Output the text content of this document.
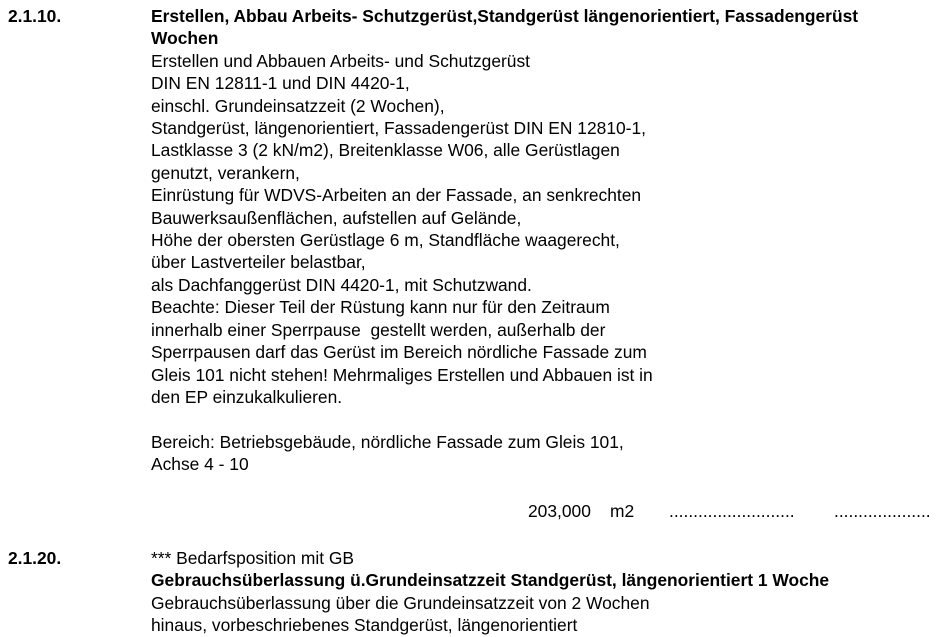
2.1.10.	Erstellen, Abbau Arbeits- Schutzgerüst,Standgerüst längenorientiert, Fassadengerüst
Wochen
Erstellen und Abbauen Arbeits- und Schutzgerüst
DIN EN 12811-1 und DIN 4420-1,
einschl. Grundeinsatzzeit (2 Wochen),
Standgerüst, längenorientiert, Fassadengerüst DIN EN 12810-1,
Lastklasse 3 (2 kN/m2), Breitenklasse W06, alle Gerüstlagen
genutzt, verankern,
Einrüstung für WDVS-Arbeiten an der Fassade, an senkrechten
Bauwerksaußenflächen, aufstellen auf Gelände,
Höhe der obersten Gerüstlage 6 m, Standfläche waagerecht,
über Lastverteiler belastbar,
als Dachfanggerüst DIN 4420-1, mit Schutzwand.
Beachte: Dieser Teil der Rüstung kann nur für den Zeitraum
innerhalb einer Sperrpause  gestellt werden, außerhalb der
Sperrpausen darf das Gerüst im Bereich nördliche Fassade zum
Gleis 101 nicht stehen! Mehrmaliges Erstellen und Abbauen ist in
den EP einzukalkulieren.

Bereich: Betriebsgebäude, nördliche Fassade zum Gleis 101,
Achse 4 - 10
203,000 m2 .......................... ....................
2.1.20.	*** Bedarfsposition mit GB
Gebrauchsüberlassung ü.Grundeinsatzzeit Standgerüst, längenorientiert 1 Woche
Gebrauchsüberlassung über die Grundeinsatzzeit von 2 Wochen
hinaus, vorbeschriebenes Standgerüst, längenorientiert
